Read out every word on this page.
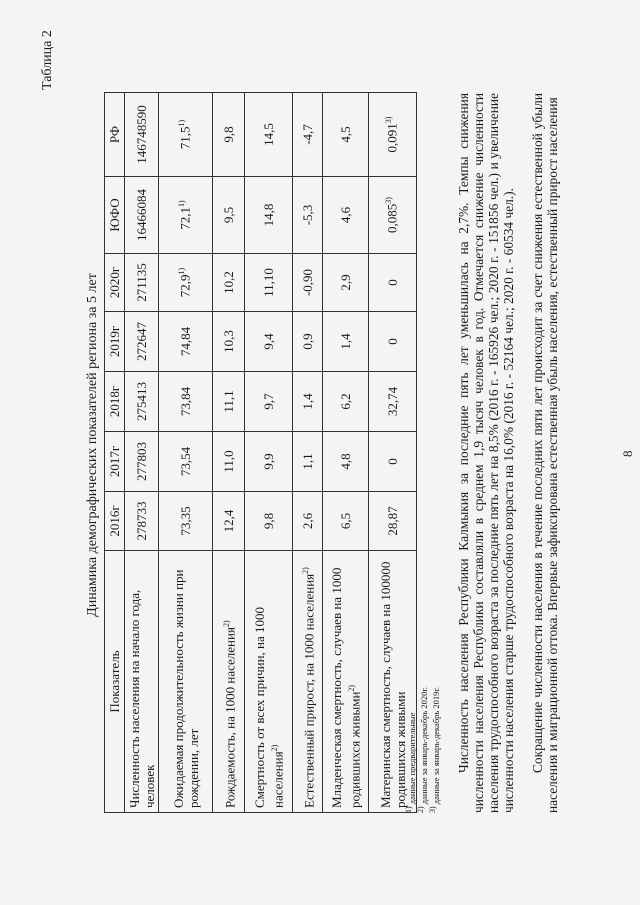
Таблица 2
Динамика демографических показателей региона за 5 лет
Показатель	2016г	2017г	2018г	2019г	2020г	ЮФО	РФ
Численность населения на начало года, человек	278733	277803	275413	272647	271135	16466084	146748590
Ожидаемая продолжительность жизни при рождении, лет	73,35	73,54	73,84	74,84	72,9$^{1)}$	72,1$^{1)}$	71,5$^{1)}$
Рождаемость, на 1000 населения$^{2)}$	12,4	11,0	11,1	10,3	10,2	9,5	9,8
Смертность от всех причин, на 1000 населения$^{2)}$	9,8	9,9	9,7	9,4	11,10	14,8	14,5
Естественный прирост, на 1000 населения$^{2)}$	2,6	1,1	1,4	0,9	-0,90	-5,3	-4,7
Младенческая смертность, случаев на 1000 родившихся живыми$^{2)}$	6,5	4,8	6,2	1,4	2,9	4,6	4,5
Материнская смертность, случаев на 100000 родившихся живыми	28,87	0	32,74	0	0	0,085$^{3)}$	0,091$^{3)}$
$^{1)}$ данные предварительные
$^{2)}$ данные за январь-декабрь 2020г.
$^{3)}$ данные за январь-декабрь 2019г. Численность населения Республики Калмыкия за последние пять лет уменьшилась на 2,7%. Темпы снижения численности населения Республики составляли в среднем 1,9 тысяч человек в год. Отмечается снижение численности населения трудоспособного возраста за последние пять лет на 8,5% (2016 г. - 165926 чел.; 2020 г. - 151856 чел.) и увеличение численности населения старше трудоспособного возраста на 16,0% (2016 г. - 52164 чел.; 2020 г. - 60534 чел.). Сокращение численности населения в течение последних пяти лет происходит за счет снижения естественной убыли населения и миграционной оттока. Впервые зафиксирована естественная убыль населения, естественный прирост населения	8
